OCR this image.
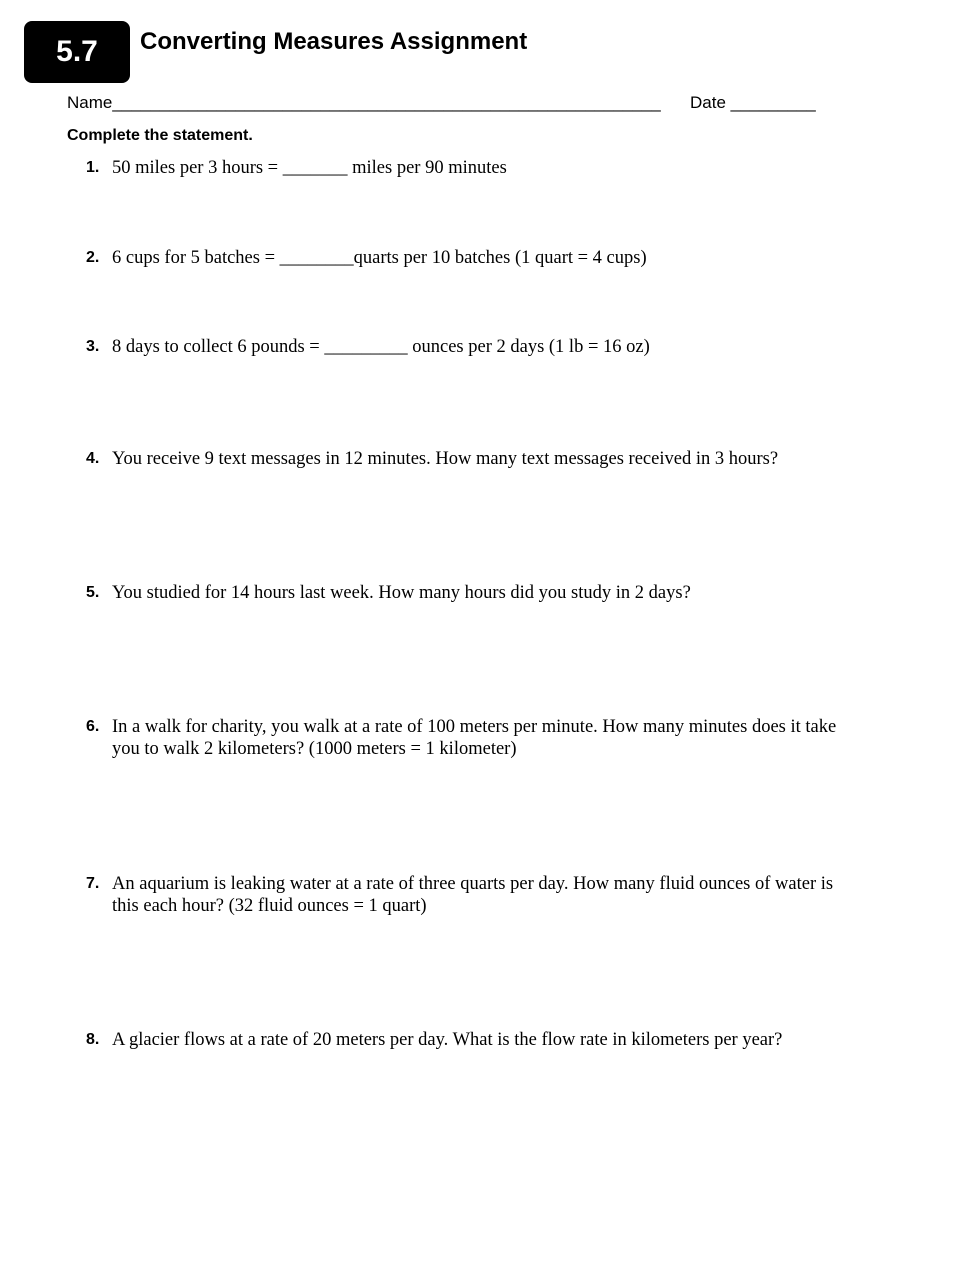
5.7 Converting Measures Assignment
Name__________________________________________________________ Date _________
Complete the statement.
1. 50 miles per 3 hours = _______ miles per 90 minutes
2. 6 cups for 5 batches = ________quarts per 10 batches (1 quart = 4 cups)
3. 8 days to collect 6 pounds = _________ ounces per 2 days (1 lb = 16 oz)
4. You receive 9 text messages in 12 minutes. How many text messages received in 3 hours?
5. You studied for 14 hours last week. How many hours did you study in 2 days?
6. In a walk for charity, you walk at a rate of 100 meters per minute. How many minutes does it take you to walk 2 kilometers? (1000 meters = 1 kilometer)
7. An aquarium is leaking water at a rate of three quarts per day. How many fluid ounces of water is this each hour? (32 fluid ounces = 1 quart)
8. A glacier flows at a rate of 20 meters per day. What is the flow rate in kilometers per year?
